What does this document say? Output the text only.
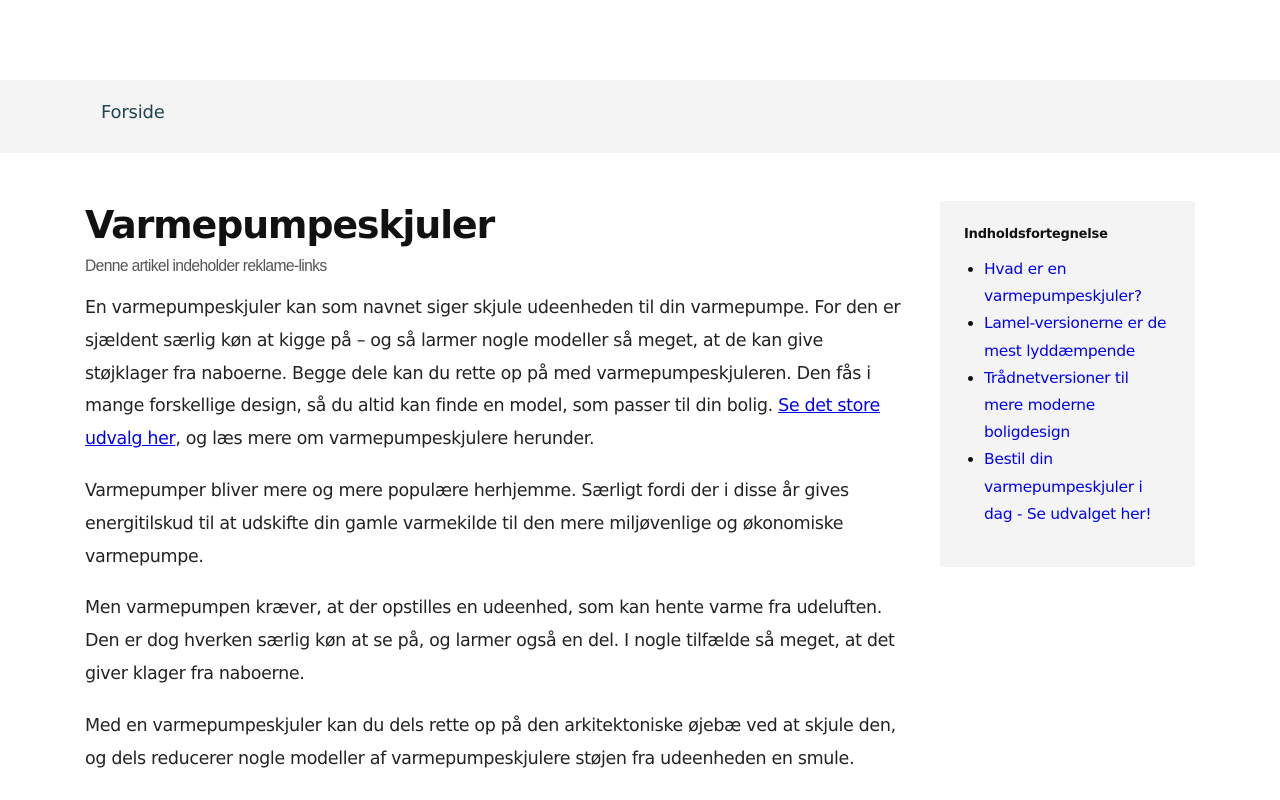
Forside
Varmepumpeskjuler

Denne artikel indeholder reklame-links

En varmepumpeskjuler kan som navnet siger skjule udeenheden til din varmepumpe. For den er sjældent særlig køn at kigge på – og så larmer nogle modeller så meget, at de kan give støjklager fra naboerne. Begge dele kan du rette op på med varmepumpeskjuleren. Den fås i mange forskellige design, så du altid kan finde en model, som passer til din bolig. Se det store udvalg her, og læs mere om varmepumpeskjulere herunder.

Varmepumper bliver mere og mere populære herhjemme. Særligt fordi der i disse år gives energitilskud til at udskifte din gamle varmekilde til den mere miljøvenlige og økonomiske varmepumpe.

Men varmepumpen kræver, at der opstilles en udeenhed, som kan hente varme fra udeluften. Den er dog hverken særlig køn at se på, og larmer også en del. I nogle tilfælde så meget, at det giver klager fra naboerne.

Med en varmepumpeskjuler kan du dels rette op på den arkitektoniske øjebæ ved at skjule den, og dels reducerer nogle modeller af varmepumpeskjulere støjen fra udeenheden en smule.

Indholdsfortegnelse

• Hvad er en varmepumpeskjuler?
• Lamel-versionerne er de mest lyddæmpende
• Trådnetversioner til mere moderne boligdesign
• Bestil din varmepumpeskjuler i dag - Se udvalget her!
